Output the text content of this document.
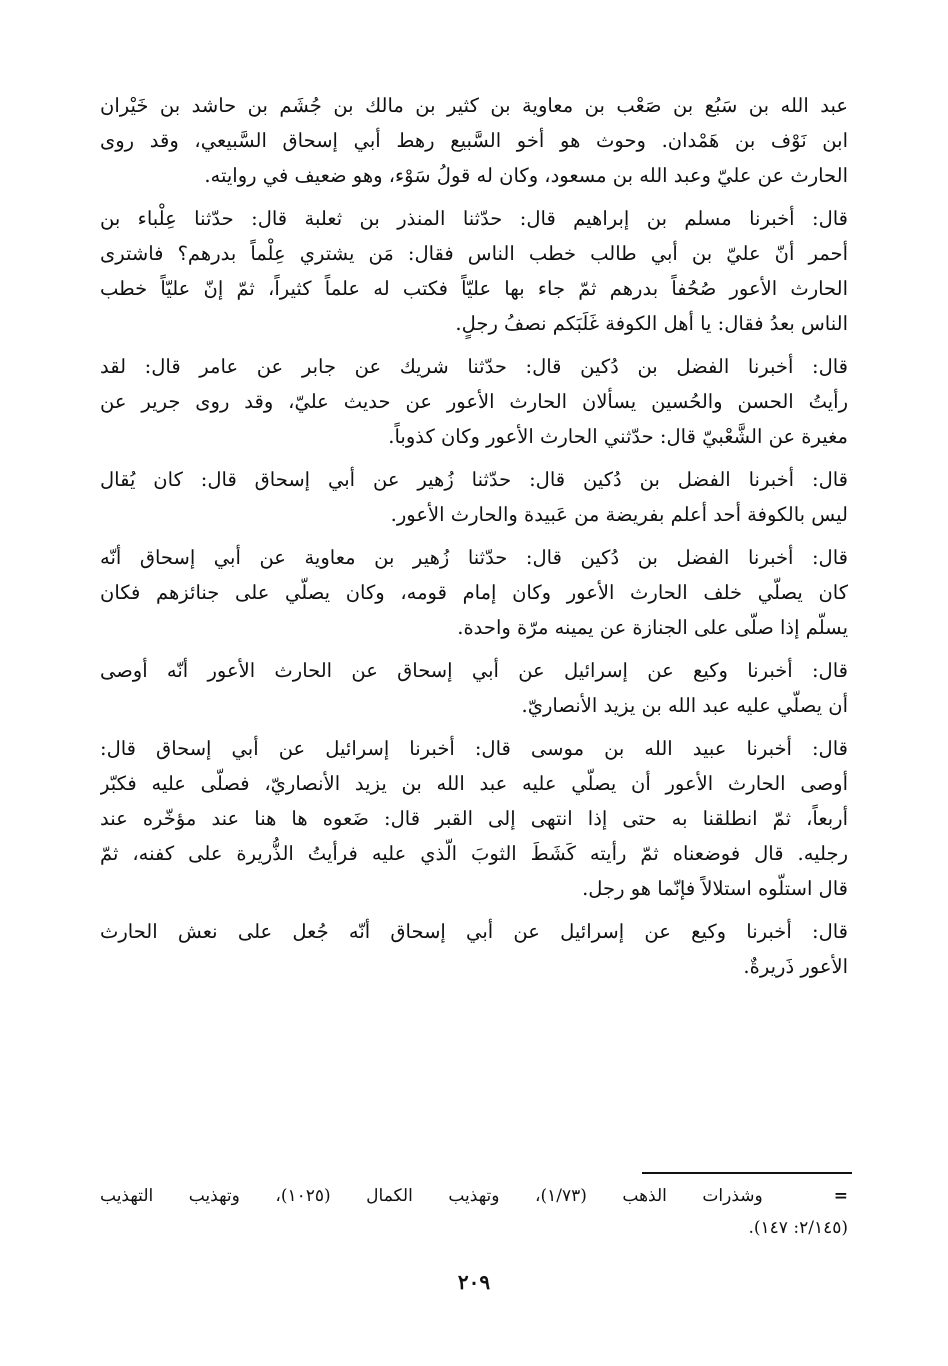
عبد الله بن سَبُع بن صَعْب بن معاوية بن كثير بن مالك بن جُشَم بن حاشد بن خَيْران
ابن نَوْف بن هَمْدان. وحوث هو أخو السَّبيع رهط أبي إسحاق السَّبيعي، وقد روى
الحارث عن عليّ وعبد الله بن مسعود، وكان له قولُ سَوْء، وهو ضعيف في روايته.
قال: أخبرنا مسلم بن إبراهيم قال: حدّثنا المنذر بن ثعلبة قال: حدّثنا عِلْباء بن
أحمر أنّ عليّ بن أبي طالب خطب الناس فقال: مَن يشتري عِلْماً بدرهم؟ فاشترى
الحارث الأعور صُحُفاً بدرهم ثمّ جاء بها عليّاً فكتب له علماً كثيراً، ثمّ إنّ عليّاً خطب
الناس بعدُ فقال: يا أهل الكوفة غَلَبَكم نصفُ رجلٍ.
قال: أخبرنا الفضل بن دُكين قال: حدّثنا شريك عن جابر عن عامر قال: لقد
رأيتُ الحسن والحُسين يسألان الحارث الأعور عن حديث عليّ، وقد روى جرير عن
مغيرة عن الشَّعْبيّ قال: حدّثني الحارث الأعور وكان كذوباً.
قال: أخبرنا الفضل بن دُكين قال: حدّثنا زُهير عن أبي إسحاق قال: كان يُقال
ليس بالكوفة أحد أعلم بفريضة من عَبيدة والحارث الأعور.
قال: أخبرنا الفضل بن دُكين قال: حدّثنا زُهير بن معاوية عن أبي إسحاق أنّه
كان يصلّي خلف الحارث الأعور وكان إمام قومه، وكان يصلّي على جنائزهم فكان
يسلّم إذا صلّى على الجنازة عن يمينه مرّة واحدة.
قال: أخبرنا وكيع عن إسرائيل عن أبي إسحاق عن الحارث الأعور أنّه أوصى
أن يصلّي عليه عبد الله بن يزيد الأنصاريّ.
قال: أخبرنا عبيد الله بن موسى قال: أخبرنا إسرائيل عن أبي إسحاق قال:
أوصى الحارث الأعور أن يصلّي عليه عبد الله بن يزيد الأنصاريّ، فصلّى عليه فكبّر
أربعاً، ثمّ انطلقنا به حتى إذا انتهى إلى القبر قال: ضَعوه ها هنا عند مؤخّره عند
رجليه. قال فوضعناه ثمّ رأيته كَشَطَ الثوبَ الّذي عليه فرأيتُ الذُّريرة على كفنه، ثمّ
قال استلّوه استلالاً فإنّما هو رجل.
قال: أخبرنا وكيع عن إسرائيل عن أبي إسحاق أنّه جُعل على نعش الحارث
الأعور ذَريرةٌ.
=  وشذرات الذهب (١/٧٣)، وتهذيب الكمال (١٠٢٥)، وتهذيب التهذيب
(٢/١٤٥: ١٤٧).
٢٠٩
